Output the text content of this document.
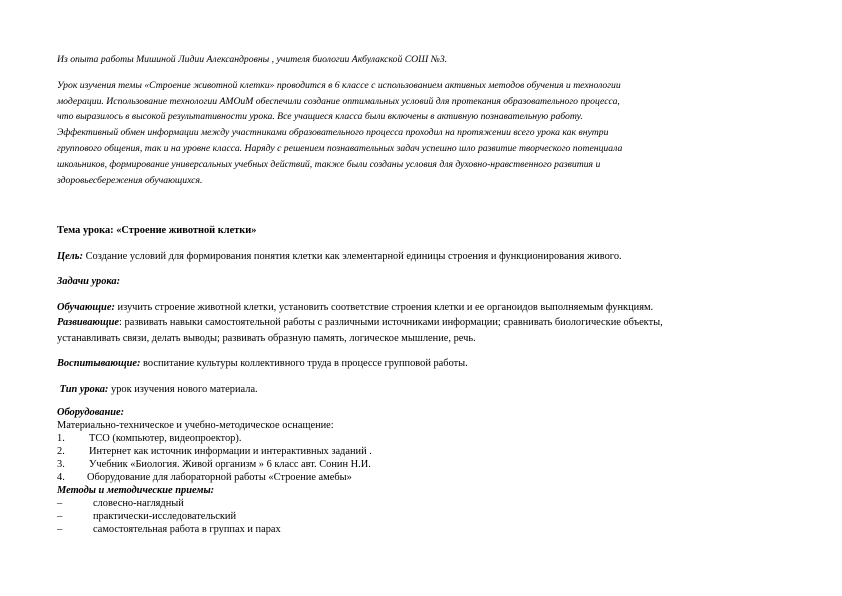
Из опыта работы Мишиной Лидии Александровны , учителя биологии Акбулакской СОШ №3.

Урок изучения темы «Строение животной клетки» проводится в 6 классе с использованием активных методов обучения и технологии
модерации. Использование технологии АМОиМ обеспечили создание оптимальных условий для протекания образовательного процесса,
что выразилось в высокой результативности урока. Все учащиеся класса были включены в активную познавательную работу.
Эффективный обмен информации между участниками образовательного процесса проходил на протяжении всего урока как внутри
группового общения, так и на уровне класса. Наряду с решением познавательных задач успешно шло развитие творческого потенциала
школьников, формирование универсальных учебных действий, также были созданы условия для духовно-нравственного развития и
здоровьесбережения обучающихся.

Тема урока: «Строение животной клетки»

Цель: Создание условий для формирования понятия клетки как элементарной единицы строения и функционирования живого.

Задачи урока:

Обучающие: изучить строение животной клетки, установить соответствие строения клетки и ее органоидов выполняемым функциям.
Развивающие: развивать навыки самостоятельной работы с различными источниками информации; сравнивать биологические объекты,
устанавливать связи, делать выводы; развивать образную память, логическое мышление, речь.

Воспитывающие: воспитание культуры коллективного труда в процессе групповой работы.

Тип урока: урок изучения нового материала.

Оборудование:
Материально-техническое и учебно-методическое оснащение:
1.	ТСО (компьютер, видеопроектор).
2.	Интернет как источник информации и интерактивных заданий .
3.	Учебник «Биология. Живой организм » 6 класс авт. Сонин Н.И.
4.	Оборудование для лабораторной работы «Строение амебы»
Методы и методические приемы:
–	словесно-наглядный
–	практически-исследовательский
–	самостоятельная работа в группах и парах
